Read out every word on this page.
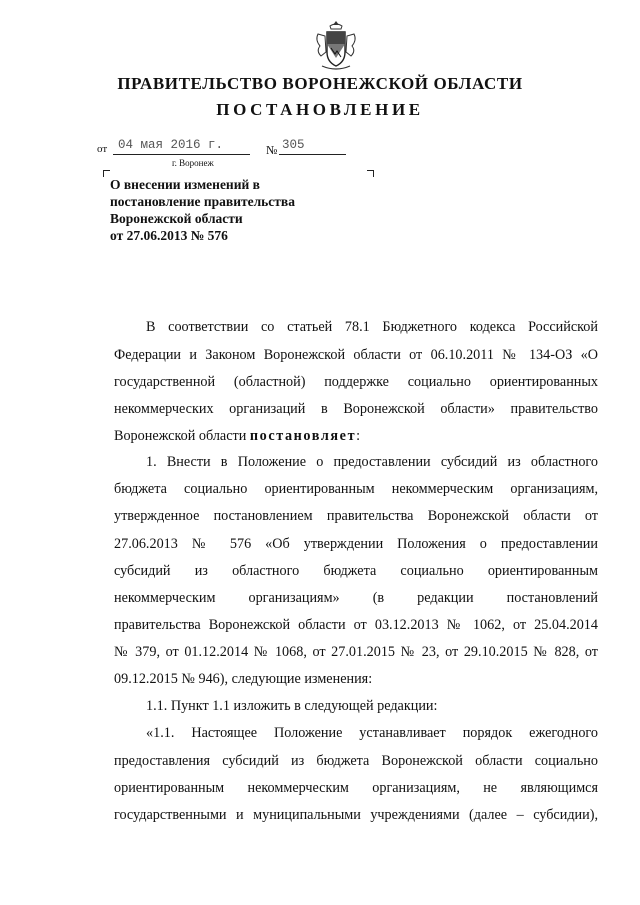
ПРАВИТЕЛЬСТВО ВОРОНЕЖСКОЙ ОБЛАСТИ
ПОСТАНОВЛЕНИЕ
от 04 мая 2016 г.	№ 305
г. Воронеж
О внесении изменений в
постановление правительства
Воронежской области
от 27.06.2013 № 576
В соответствии со статьей 78.1 Бюджетного кодекса Российской
Федерации и Законом Воронежской области от 06.10.2011 № 134-ОЗ «О
государственной (областной) поддержке социально ориентированных
некоммерческих организаций в Воронежской области» правительство
Воронежской области постановляет:
1. Внести в Положение о предоставлении субсидий из областного
бюджета социально ориентированным некоммерческим организациям,
утвержденное постановлением правительства Воронежской области от
27.06.2013 № 576 «Об утверждении Положения о предоставлении
субсидий из областного бюджета социально ориентированным
некоммерческим организациям» (в редакции постановлений
правительства Воронежской области от 03.12.2013 № 1062, от 25.04.2014
№ 379, от 01.12.2014 № 1068, от 27.01.2015 № 23, от 29.10.2015 № 828, от
09.12.2015 № 946), следующие изменения:
1.1. Пункт 1.1 изложить в следующей редакции:
«1.1. Настоящее Положение устанавливает порядок ежегодного
предоставления субсидий из бюджета Воронежской области социально
ориентированным некоммерческим организациям, не являющимся
государственными и муниципальными учреждениями (далее – субсидии),
